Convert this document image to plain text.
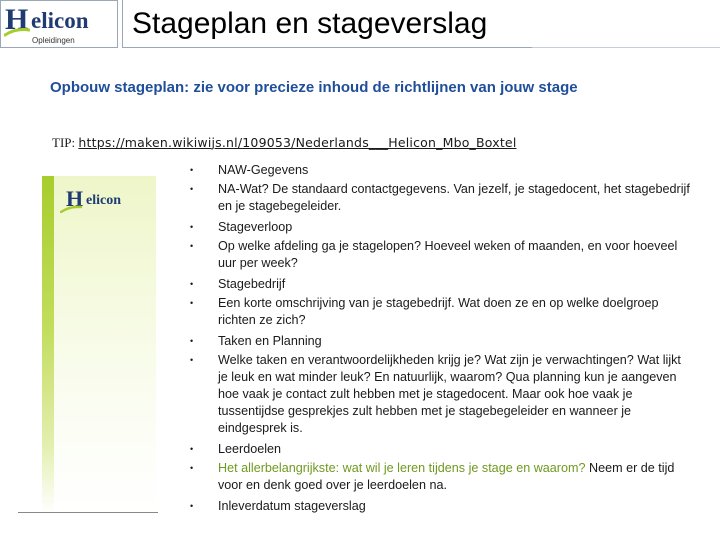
H elicon
Opleidingen
Stageplan en stageverslag
Opbouw stageplan: zie voor precieze inhoud de richtlijnen van jouw stage
TIP: https://maken.wikiwijs.nl/109053/Nederlands___Helicon_Mbo_Boxtel
H elicon
• NAW-Gegevens
• NA-Wat? De standaard contactgegevens. Van jezelf, je stagedocent, het stagebedrijf en je stagebegeleider.
• Stageverloop
• Op welke afdeling ga je stagelopen? Hoeveel weken of maanden, en voor hoeveel uur per week?
• Stagebedrijf
• Een korte omschrijving van je stagebedrijf. Wat doen ze en op welke doelgroep richten ze zich?
• Taken en Planning
• Welke taken en verantwoordelijkheden krijg je? Wat zijn je verwachtingen? Wat lijkt je leuk en wat minder leuk? En natuurlijk, waarom? Qua planning kun je aangeven hoe vaak je contact zult hebben met je stagedocent. Maar ook hoe vaak je tussentijdse gesprekjes zult hebben met je stagebegeleider en wanneer je eindgesprek is.
• Leerdoelen
• Het allerbelangrijkste: wat wil je leren tijdens je stage en waarom? Neem er de tijd voor en denk goed over je leerdoelen na.
• Inleverdatum stageverslag
